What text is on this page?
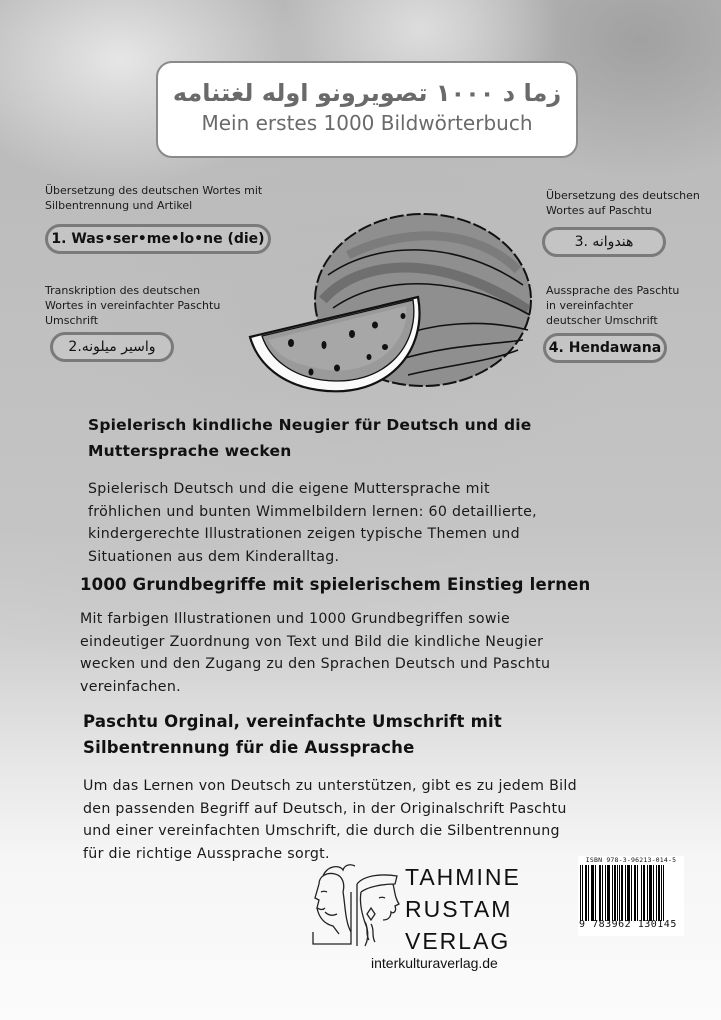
زما د ۱۰۰۰ تصویرونو اوله لغتنامه
Mein erstes 1000 Bildwörterbuch
Übersetzung des deutschen Wortes mit
Silbentrennung und Artikel
1. Was•ser•me•lo•ne (die)
Transkription des deutschen
Wortes in vereinfachter Paschtu
Umschrift
2.واسیر میلونه
Übersetzung des deutschen
Wortes auf Paschtu
3. هندوانه
Aussprache des Paschtu
in vereinfachter
deutscher Umschrift
4. Hendawana
Spielerisch kindliche Neugier für Deutsch und die
Muttersprache wecken
Spielerisch Deutsch und die eigene Muttersprache mit
fröhlichen und bunten Wimmelbildern lernen: 60 detaillierte,
kindergerechte Illustrationen zeigen typische Themen und
Situationen aus dem Kinderalltag.
1000 Grundbegriffe mit spielerischem Einstieg lernen
Mit farbigen Illustrationen und 1000 Grundbegriffen sowie
eindeutiger Zuordnung von Text und Bild die kindliche Neugier
wecken und den Zugang zu den Sprachen Deutsch und Paschtu
vereinfachen.
Paschtu Orginal, vereinfachte Umschrift mit
Silbentrennung für die Aussprache
Um das Lernen von Deutsch zu unterstützen, gibt es zu jedem Bild
den passenden Begriff auf Deutsch, in der Originalschrift Paschtu
und einer vereinfachten Umschrift, die durch die Silbentrennung
für die richtige Aussprache sorgt.
TAHMINE
RUSTAM
VERLAG
interkulturaverlag.de
ISBN 978-3-96213-014-5
9 783962 130145
